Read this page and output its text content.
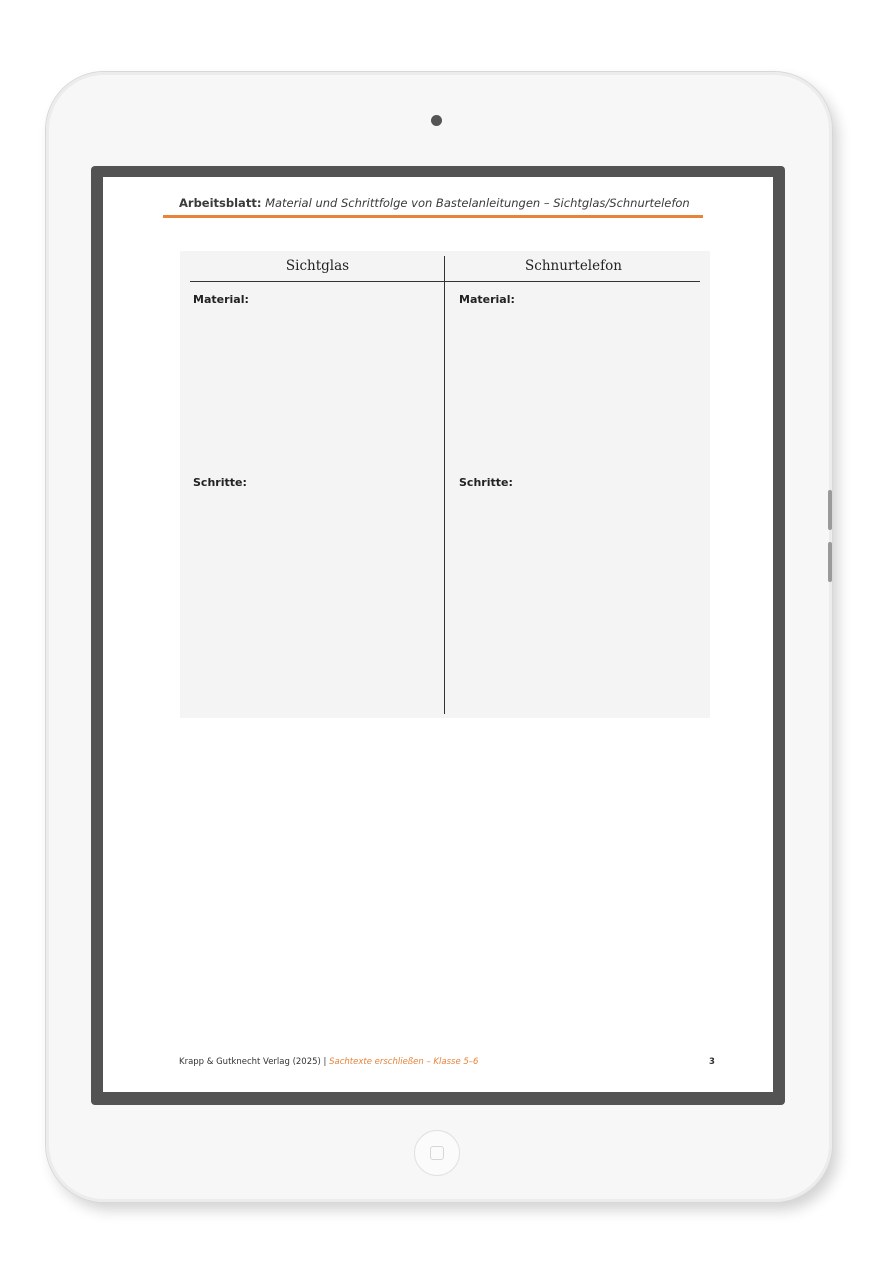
Arbeitsblatt: Material und Schrittfolge von Bastelanleitungen – Sichtglas/Schnurtelefon
Sichtglas	Schnurtelefon
Material:	Material:
Schritte:	Schritte:
Krapp & Gutknecht Verlag (2025) | Sachtexte erschließen – Klasse 5–6	3
